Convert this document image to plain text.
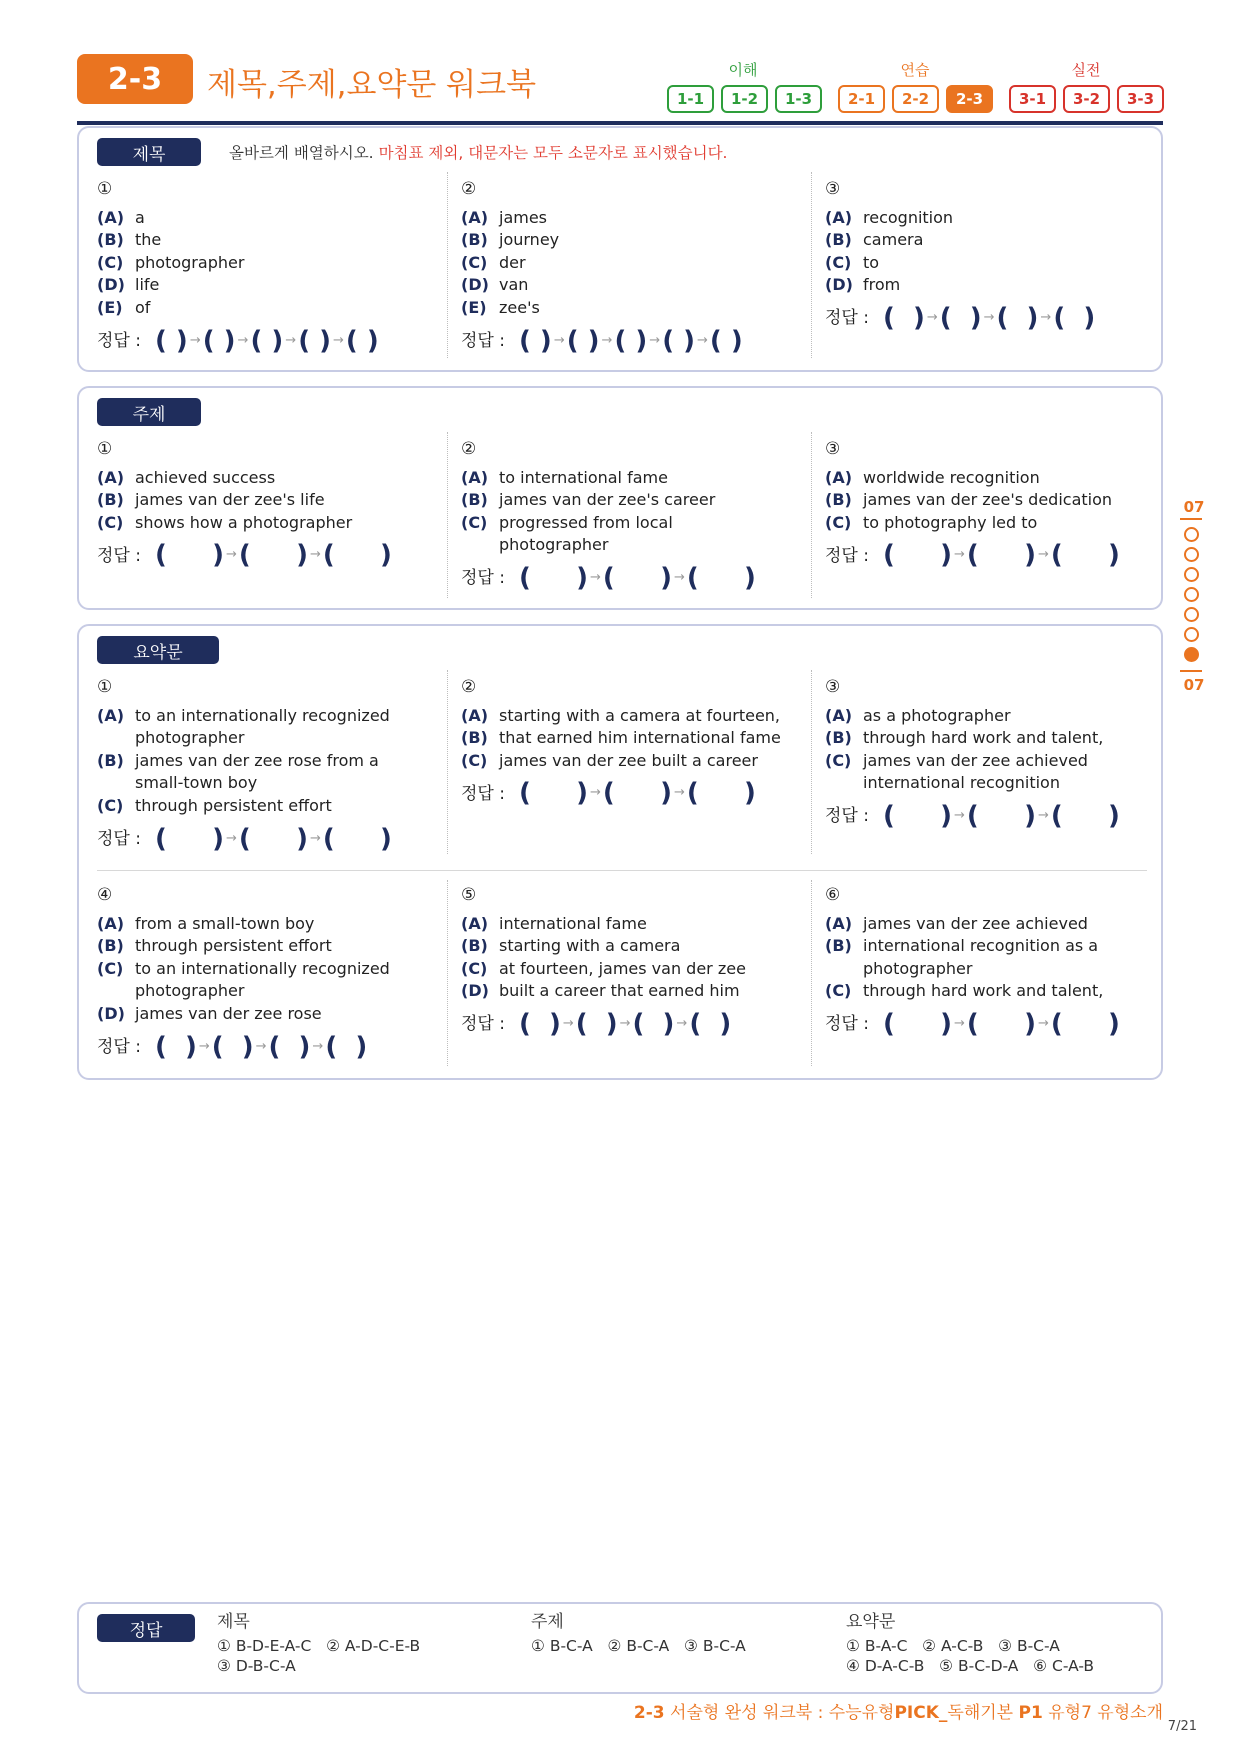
2-3	제목,주제,요약문 워크북	이해
1-1	1-2	1-3
연습
2-1	2-2	2-3
실전
3-1	3-2	3-3
제목	올바르게 배열하시오. 마침표 제외, 대문자는 모두 소문자로 표시했습니다.
①
(A) a
(B) the
(C) photographer
(D) life
(E) of
정답 : ( ) →( ) →( ) →( ) →( )
②
(A) james
(B) journey
(C) der
(D) van
(E) zee's
정답 : ( ) →( ) →( ) →( ) →( )
③
(A) recognition
(B) camera
(C) to
(D) from
정답 : (  ) →(  ) →(  ) →(  )
주제
①
(A) achieved success
(B) james van der zee's life
(C) shows how a photographer
정답 : (     ) →(     ) →(     )
②
(A) to international fame
(B) james van der zee's career
(C) progressed from local photographer
정답 : (     ) →(     ) →(     )
③
(A) worldwide recognition
(B) james van der zee's dedication
(C) to photography led to
정답 : (     ) →(     ) →(     )
요약문
①
(A) to an internationally recognized photographer
(B) james van der zee rose from a small-town boy
(C) through persistent effort
정답 : (     ) →(     ) →(     )
②
(A) starting with a camera at fourteen,
(B) that earned him international fame
(C) james van der zee built a career
정답 : (     ) →(     ) →(     )
③
(A) as a photographer
(B) through hard work and talent,
(C) james van der zee achieved international recognition
정답 : (     ) →(     ) →(     )
④
(A) from a small-town boy
(B) through persistent effort
(C) to an internationally recognized photographer
(D) james van der zee rose
정답 : (  ) →(  ) →(  ) →(  )
⑤
(A) international fame
(B) starting with a camera
(C) at fourteen, james van der zee
(D) built a career that earned him
정답 : (  ) →(  ) →(  ) →(  )
⑥
(A) james van der zee achieved
(B) international recognition as a photographer
(C) through hard work and talent,
정답 : (     ) →(     ) →(     )
07
07
정답	제목
① B-D-E-A-C   ② A-D-C-E-B
③ D-B-C-A
주제
① B-C-A   ② B-C-A   ③ B-C-A
요약문
① B-A-C   ② A-C-B   ③ B-C-A
④ D-A-C-B   ⑤ B-C-D-A   ⑥ C-A-B
2-3 서술형 완성 워크북 : 수능유형PICK_독해기본 P1 유형7 유형소개
7/21
